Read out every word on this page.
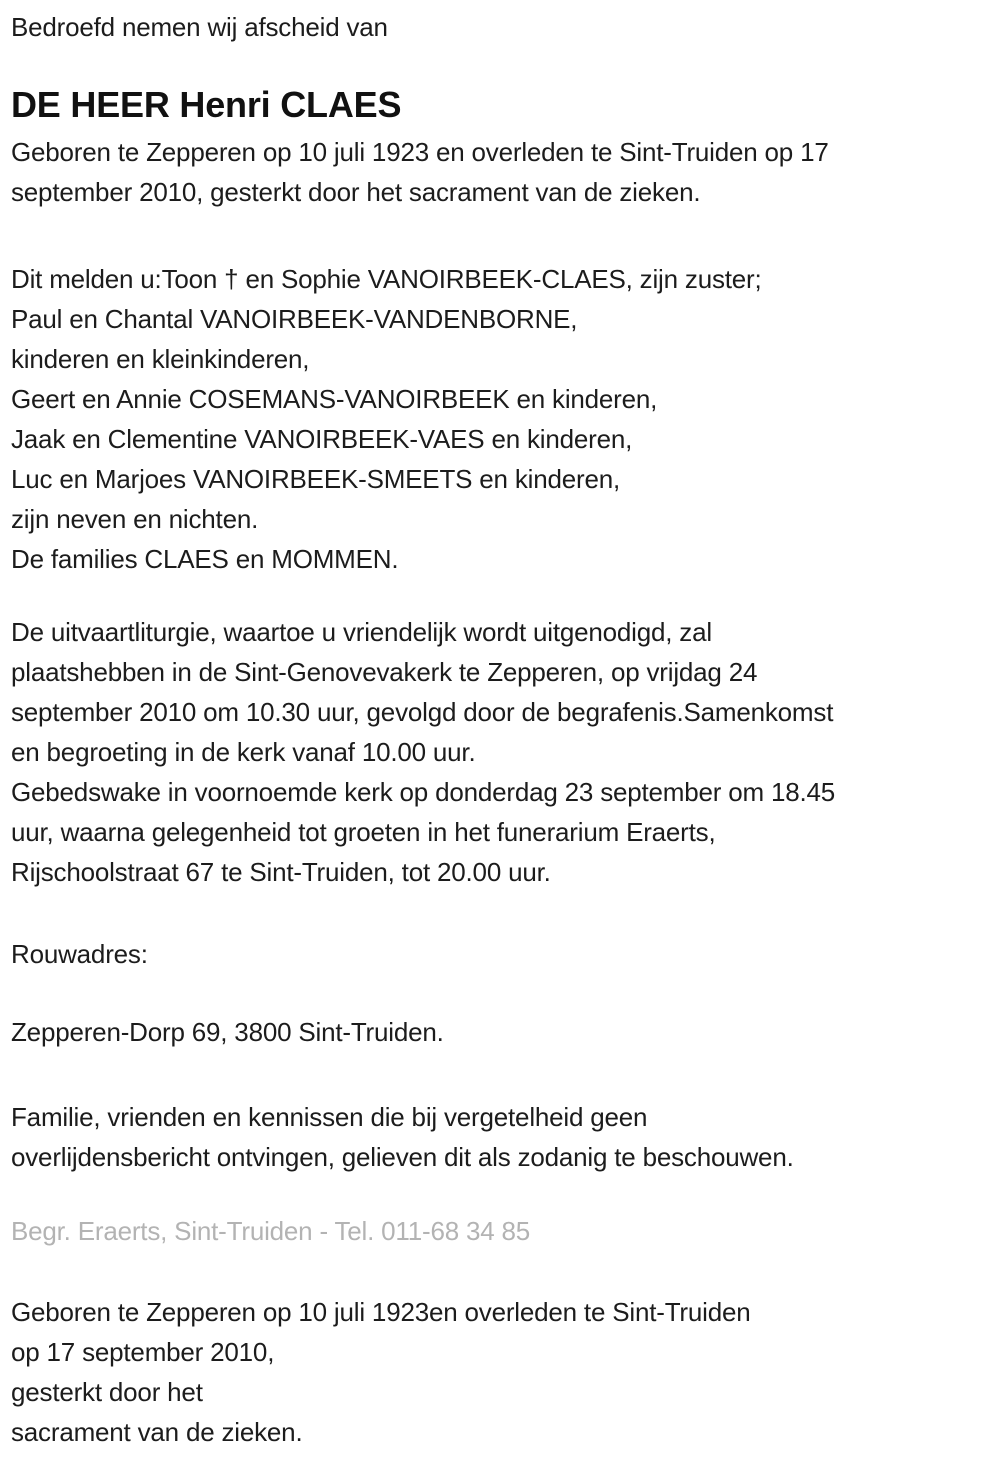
Bedroefd nemen wij afscheid van
DE HEER Henri CLAES
Geboren te Zepperen op 10 juli 1923 en overleden te Sint-Truiden op 17
september 2010, gesterkt door het sacrament van de zieken.
Dit melden u:Toon † en Sophie VANOIRBEEK-CLAES, zijn zuster;
Paul en Chantal VANOIRBEEK-VANDENBORNE,
kinderen en kleinkinderen,
Geert en Annie COSEMANS-VANOIRBEEK en kinderen,
Jaak en Clementine VANOIRBEEK-VAES en kinderen,
Luc en Marjoes VANOIRBEEK-SMEETS en kinderen,
zijn neven en nichten.
De families CLAES en MOMMEN.
De uitvaartliturgie, waartoe u vriendelijk wordt uitgenodigd, zal
plaatshebben in de Sint-Genovevakerk te Zepperen, op vrijdag 24
september 2010 om 10.30 uur, gevolgd door de begrafenis.Samenkomst
en begroeting in de kerk vanaf 10.00 uur.
Gebedswake in voornoemde kerk op donderdag 23 september om 18.45
uur, waarna gelegenheid tot groeten in het funerarium Eraerts,
Rijschoolstraat 67 te Sint-Truiden, tot 20.00 uur.
Rouwadres:
Zepperen-Dorp 69, 3800 Sint-Truiden.
Familie, vrienden en kennissen die bij vergetelheid geen
overlijdensbericht ontvingen, gelieven dit als zodanig te beschouwen.
Begr. Eraerts, Sint-Truiden - Tel. 011-68 34 85
Geboren te Zepperen op 10 juli 1923en overleden te Sint-Truiden
op 17 september 2010,
gesterkt door het
sacrament van de zieken.
